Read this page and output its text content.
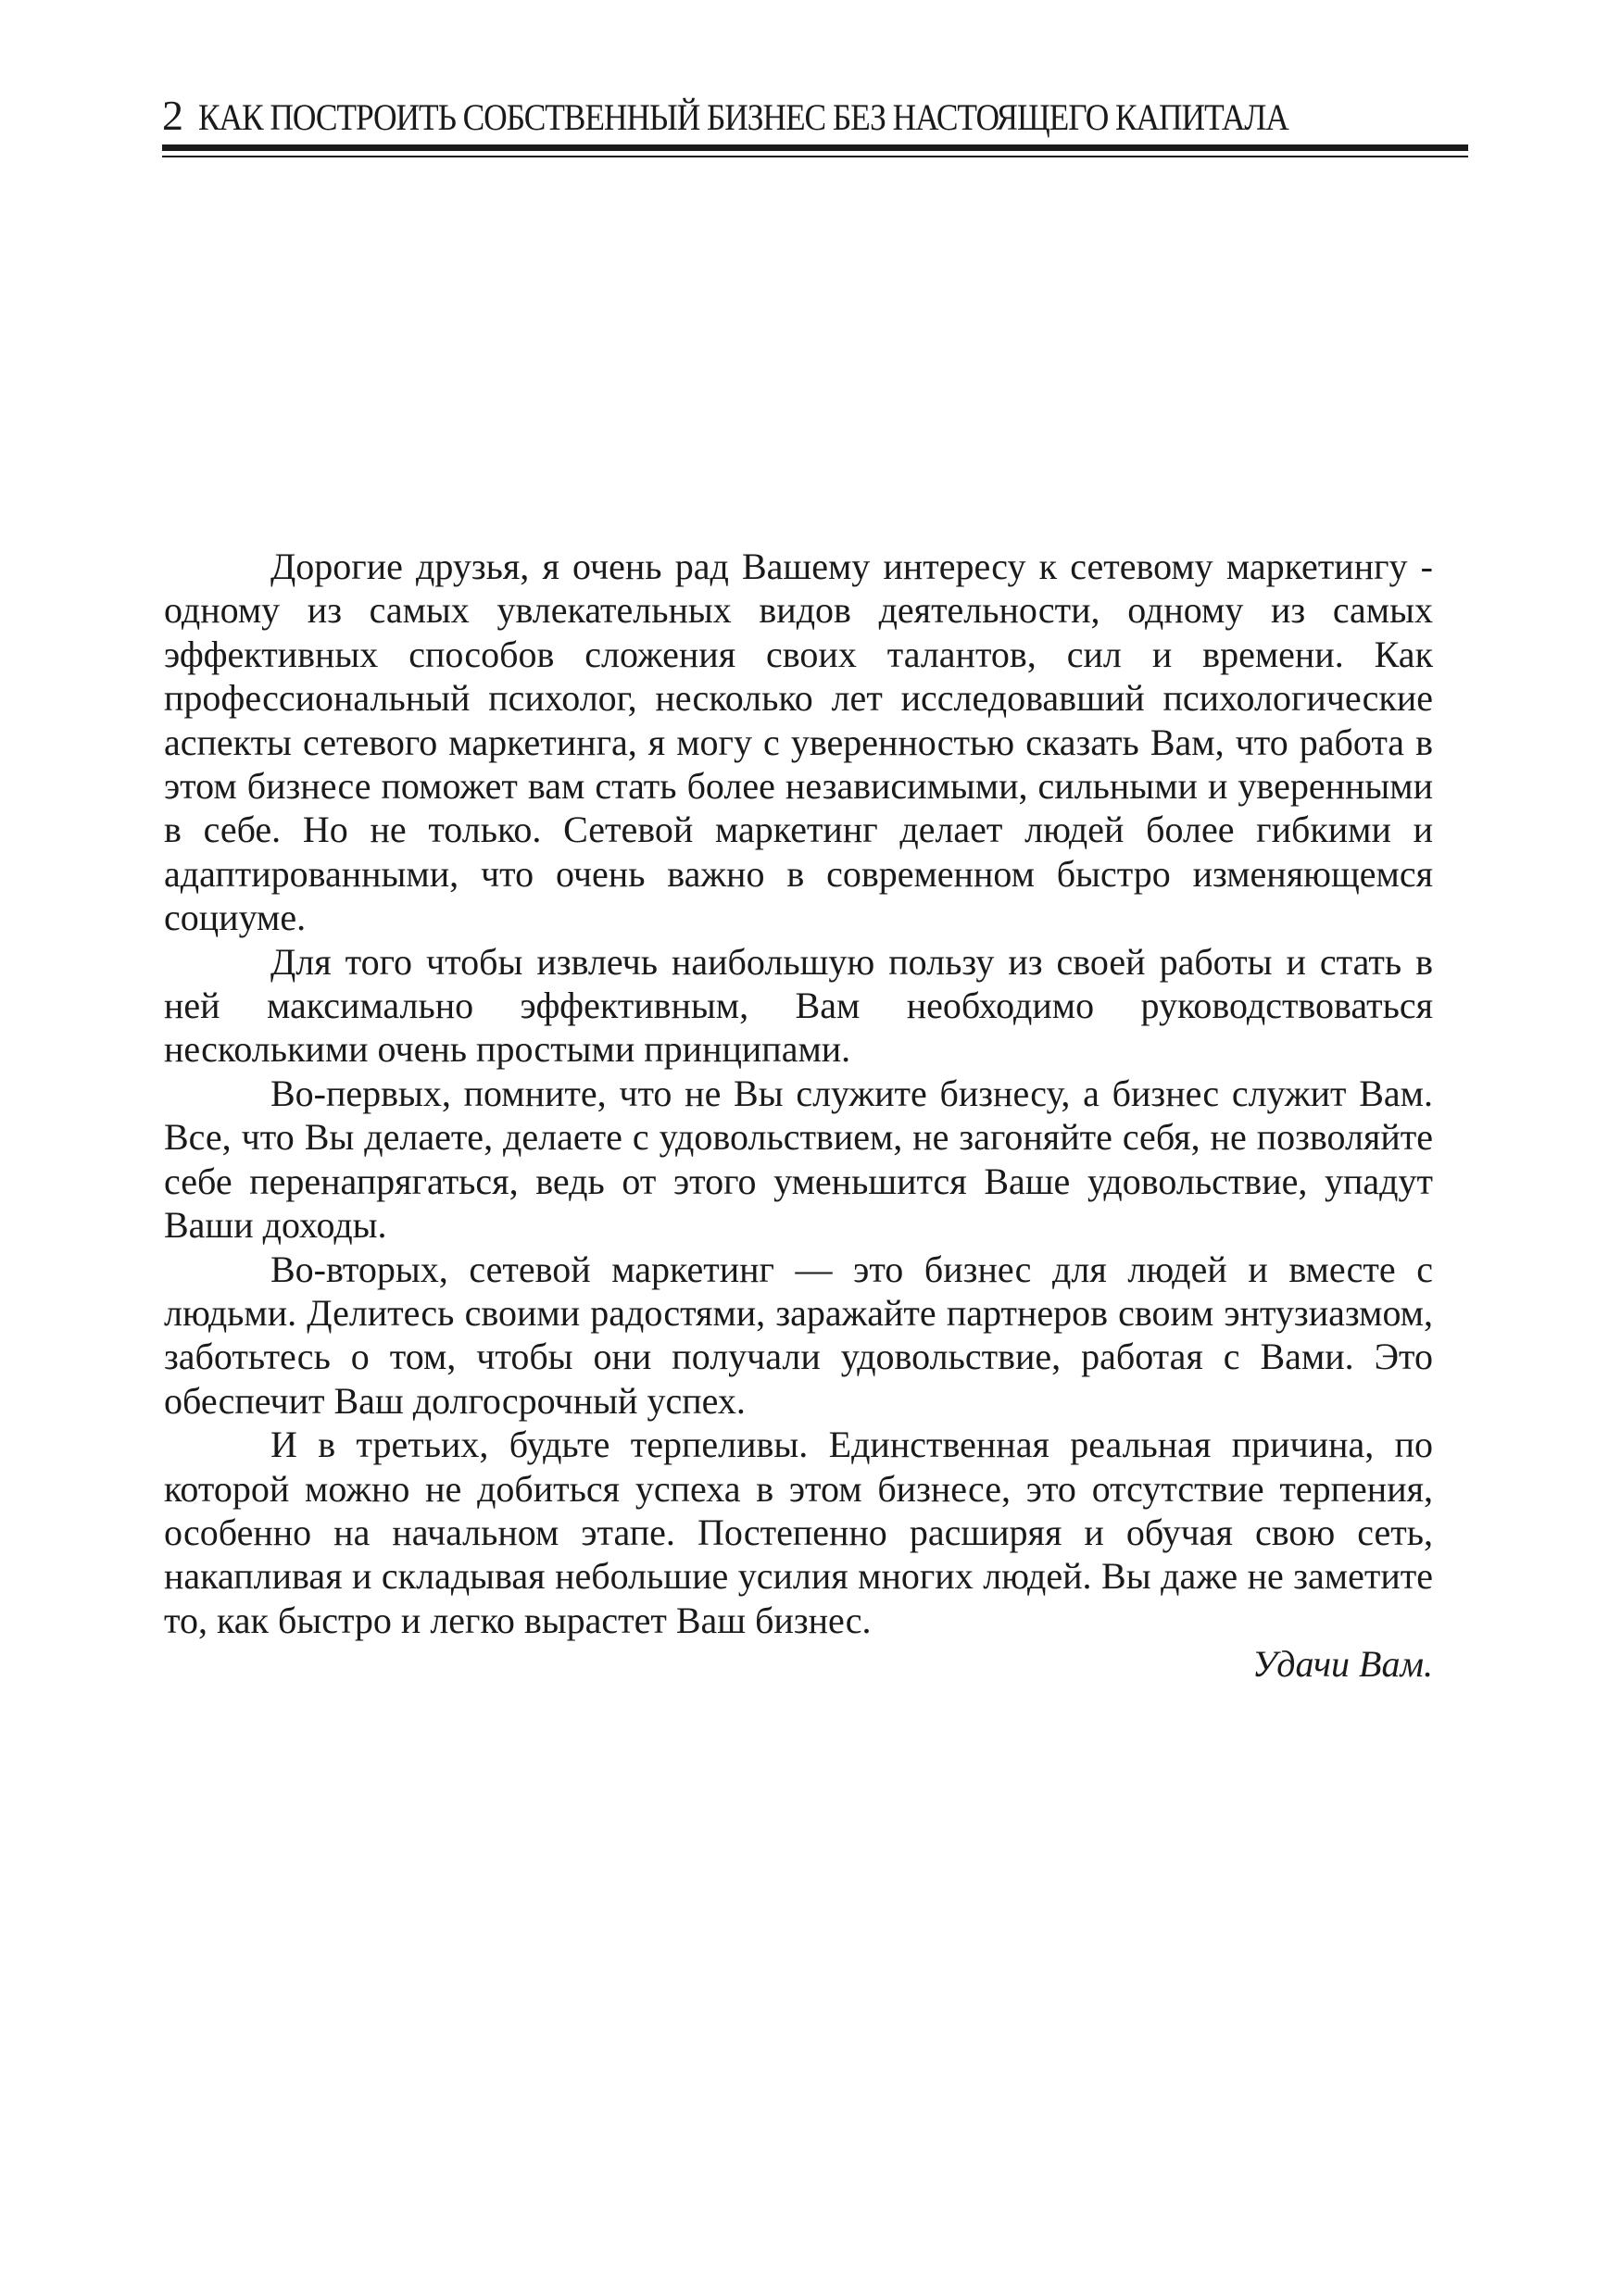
2 КАК ПОСТРОИТЬ СОБСТВЕННЫЙ БИЗНЕС БЕЗ НАСТОЯЩЕГО КАПИТАЛА

Дорогие друзья, я очень рад Вашему интересу к сетевому маркетингу - одному из самых увлекательных видов деятельности, одному из самых эффективных способов сложения своих талантов, сил и времени. Как профессиональный психолог, несколько лет исследовавший психологические аспекты сетевого маркетинга, я могу с уверенностью сказать Вам, что работа в этом бизнесе поможет вам стать более независимыми, сильными и уверенными в себе. Но не только. Сетевой маркетинг делает людей более гибкими и адаптированными, что очень важно в современном быстро изменяющемся социуме.

Для того чтобы извлечь наибольшую пользу из своей работы и стать в ней максимально эффективным, Вам необходимо руководствоваться несколькими очень простыми принципами.

Во-первых, помните, что не Вы служите бизнесу, а бизнес служит Вам. Все, что Вы делаете, делаете с удовольствием, не загоняйте себя, не позволяйте себе перенапрягаться, ведь от этого уменьшится Ваше удовольствие, упадут Ваши доходы.

Во-вторых, сетевой маркетинг — это бизнес для людей и вместе с людьми. Делитесь своими радостями, заражайте партнеров своим энтузиазмом, заботьтесь о том, чтобы они получали удовольствие, работая с Вами. Это обеспечит Ваш долгосрочный успех.

И в третьих, будьте терпеливы. Единственная реальная причина, по которой можно не добиться успеха в этом бизнесе, это отсутствие терпения, особенно на начальном этапе. Постепенно расширяя и обучая свою сеть, накапливая и складывая небольшие усилия многих людей. Вы даже не заметите то, как быстро и легко вырастет Ваш бизнес.

Удачи Вам.
